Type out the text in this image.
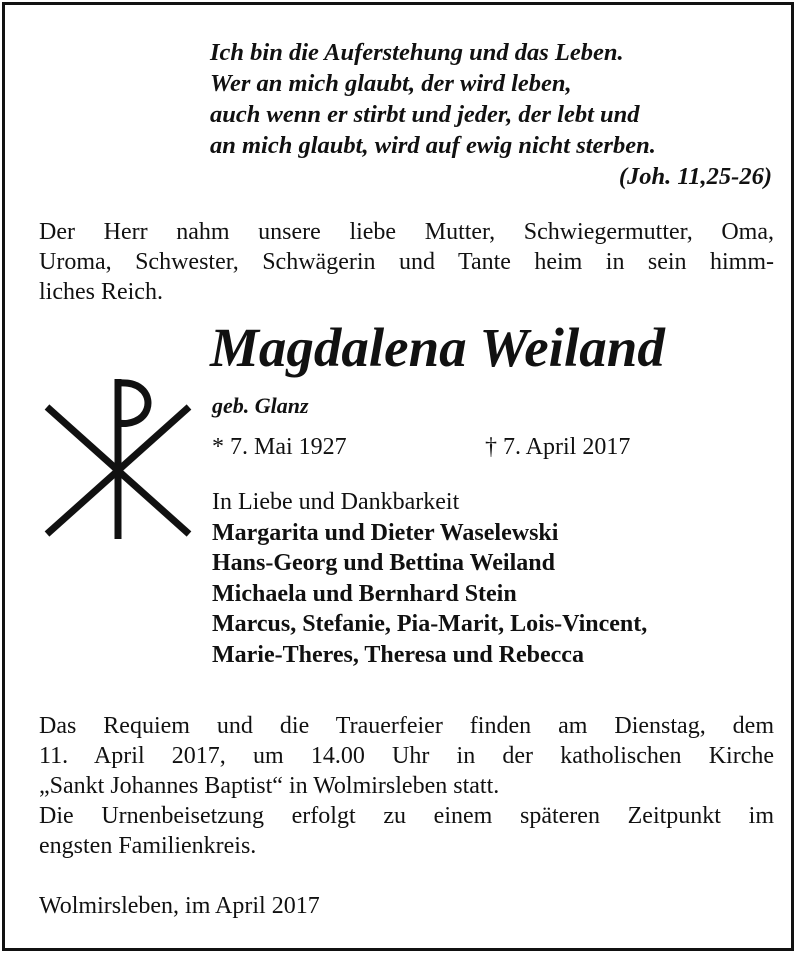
Ich bin die Auferstehung und das Leben.
Wer an mich glaubt, der wird leben,
auch wenn er stirbt und jeder, der lebt und
an mich glaubt, wird auf ewig nicht sterben.
(Joh. 11,25-26)
Der Herr nahm unsere liebe Mutter, Schwiegermutter, Oma,
Uroma, Schwester, Schwägerin und Tante heim in sein himm-
liches Reich.
Magdalena Weiland
geb. Glanz
* 7. Mai 1927	† 7. April 2017
In Liebe und Dankbarkeit
Margarita und Dieter Waselewski
Hans-Georg und Bettina Weiland
Michaela und Bernhard Stein
Marcus, Stefanie, Pia-Marit, Lois-Vincent,
Marie-Theres, Theresa und Rebecca
Das Requiem und die Trauerfeier finden am Dienstag, dem
11. April 2017, um 14.00 Uhr in der katholischen Kirche
„Sankt Johannes Baptist“ in Wolmirsleben statt.
Die Urnenbeisetzung erfolgt zu einem späteren Zeitpunkt im
engsten Familienkreis.
Wolmirsleben, im April 2017
